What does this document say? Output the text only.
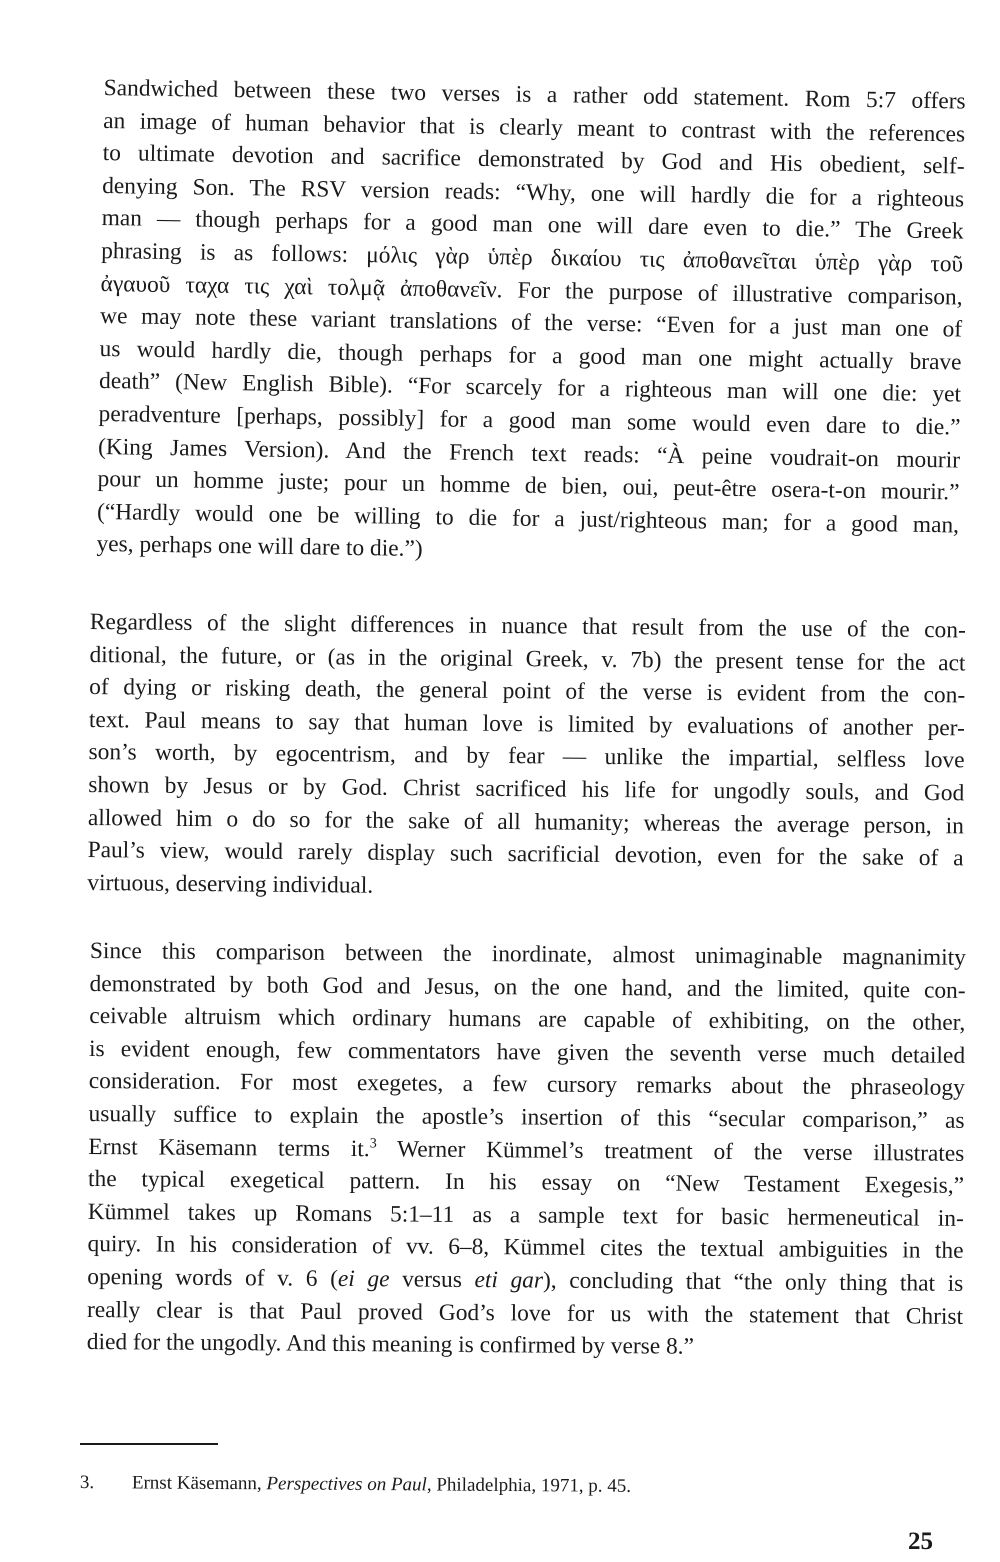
Sandwiched between these two verses is a rather odd statement. Rom 5:7 offers
an image of human behavior that is clearly meant to contrast with the references
to ultimate devotion and sacrifice demonstrated by God and His obedient, self-
denying Son. The RSV version reads: “Why, one will hardly die for a righteous
man — though perhaps for a good man one will dare even to die.” The Greek
phrasing is as follows: μόλις γὰρ ὑπὲρ δικαίου τις ἀποθανεῖται ὑπὲρ γὰρ τοῦ
ἀγαυοῦ ταχα τις χαὶ τολμᾷ ἀποθανεῖν. For the purpose of illustrative comparison,
we may note these variant translations of the verse: “Even for a just man one of
us would hardly die, though perhaps for a good man one might actually brave
death” (New English Bible). “For scarcely for a righteous man will one die: yet
peradventure [perhaps, possibly] for a good man some would even dare to die.”
(King James Version). And the French text reads: “À peine voudrait-on mourir
pour un homme juste; pour un homme de bien, oui, peut-être osera-t-on mourir.”
(“Hardly would one be willing to die for a just/righteous man; for a good man,
yes, perhaps one will dare to die.”)
Regardless of the slight differences in nuance that result from the use of the con-
ditional, the future, or (as in the original Greek, v. 7b) the present tense for the act
of dying or risking death, the general point of the verse is evident from the con-
text. Paul means to say that human love is limited by evaluations of another per-
son’s worth, by egocentrism, and by fear — unlike the impartial, selfless love
shown by Jesus or by God. Christ sacrificed his life for ungodly souls, and God
allowed him o do so for the sake of all humanity; whereas the average person, in
Paul’s view, would rarely display such sacrificial devotion, even for the sake of a
virtuous, deserving individual.
Since this comparison between the inordinate, almost unimaginable magnanimity
demonstrated by both God and Jesus, on the one hand, and the limited, quite con-
ceivable altruism which ordinary humans are capable of exhibiting, on the other,
is evident enough, few commentators have given the seventh verse much detailed
consideration. For most exegetes, a few cursory remarks about the phraseology
usually suffice to explain the apostle’s insertion of this “secular comparison,” as
Ernst Käsemann terms it.$^3$ Werner Kümmel’s treatment of the verse illustrates
the typical exegetical pattern. In his essay on “New Testament Exegesis,”
Kümmel takes up Romans 5:1–11 as a sample text for basic hermeneutical in-
quiry. In his consideration of vv. 6–8, Kümmel cites the textual ambiguities in the
opening words of v. 6 (ei ge versus eti gar), concluding that “the only thing that is
really clear is that Paul proved God’s love for us with the statement that Christ
died for the ungodly. And this meaning is confirmed by verse 8.”
3. Ernst Käsemann, Perspectives on Paul, Philadelphia, 1971, p. 45.
25
